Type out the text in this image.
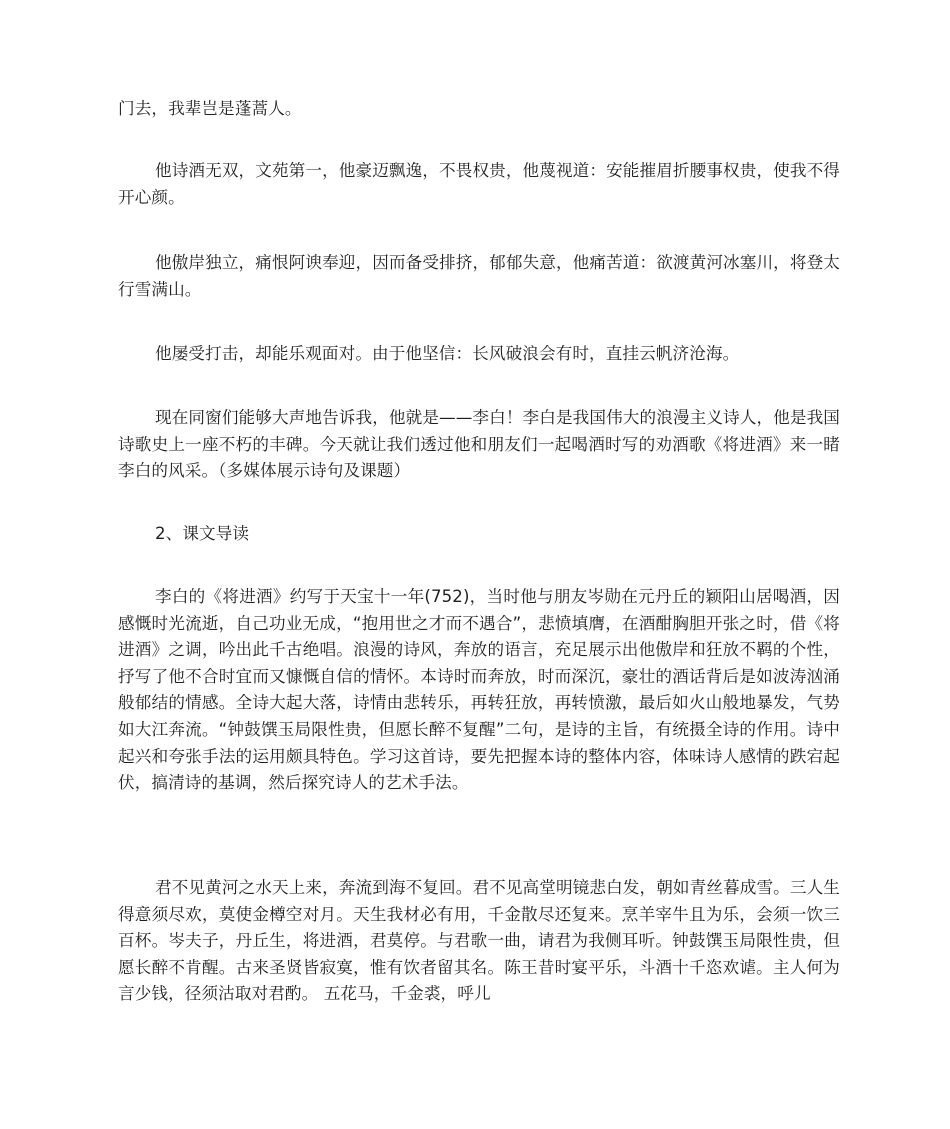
门去，我辈岂是蓬蒿人。

他诗酒无双，文苑第一，他豪迈飘逸，不畏权贵，他蔑视道：安能摧眉折腰事权贵，使我不得开心颜。

他傲岸独立，痛恨阿谀奉迎，因而备受排挤，郁郁失意，他痛苦道：欲渡黄河冰塞川，将登太行雪满山。

他屡受打击，却能乐观面对。由于他坚信：长风破浪会有时，直挂云帆济沧海。

现在同窗们能够大声地告诉我，他就是——李白！李白是我国伟大的浪漫主义诗人，他是我国诗歌史上一座不朽的丰碑。今天就让我们透过他和朋友们一起喝酒时写的劝酒歌《将进酒》来一睹李白的风采。（多媒体展示诗句及课题）

2、课文导读

李白的《将进酒》约写于天宝十一年(752)，当时他与朋友岑勋在元丹丘的颖阳山居喝酒，因感慨时光流逝，自己功业无成，“抱用世之才而不遇合”，悲愤填膺，在酒酣胸胆开张之时，借《将进酒》之调，吟出此千古绝唱。浪漫的诗风，奔放的语言，充足展示出他傲岸和狂放不羁的个性，抒写了他不合时宜而又慷慨自信的情怀。本诗时而奔放，时而深沉，豪壮的酒话背后是如波涛汹涌般郁结的情感。全诗大起大落，诗情由悲转乐，再转狂放，再转愤激，最后如火山般地暴发，气势如大江奔流。“钟鼓馔玉局限性贵，但愿长醉不复醒”二句，是诗的主旨，有统摄全诗的作用。诗中起兴和夸张手法的运用颇具特色。学习这首诗，要先把握本诗的整体内容，体味诗人感情的跌宕起伏，搞清诗的基调，然后探究诗人的艺术手法。

君不见黄河之水天上来，奔流到海不复回。君不见高堂明镜悲白发，朝如青丝暮成雪。三人生得意须尽欢，莫使金樽空对月。天生我材必有用，千金散尽还复来。烹羊宰牛且为乐，会须一饮三百杯。岑夫子，丹丘生，将进酒，君莫停。与君歌一曲，请君为我侧耳听。钟鼓馔玉局限性贵，但愿长醉不肯醒。古来圣贤皆寂寞，惟有饮者留其名。陈王昔时宴平乐，斗酒十千恣欢谑。主人何为言少钱，径须沽取对君酌。 五花马，千金裘，呼儿
